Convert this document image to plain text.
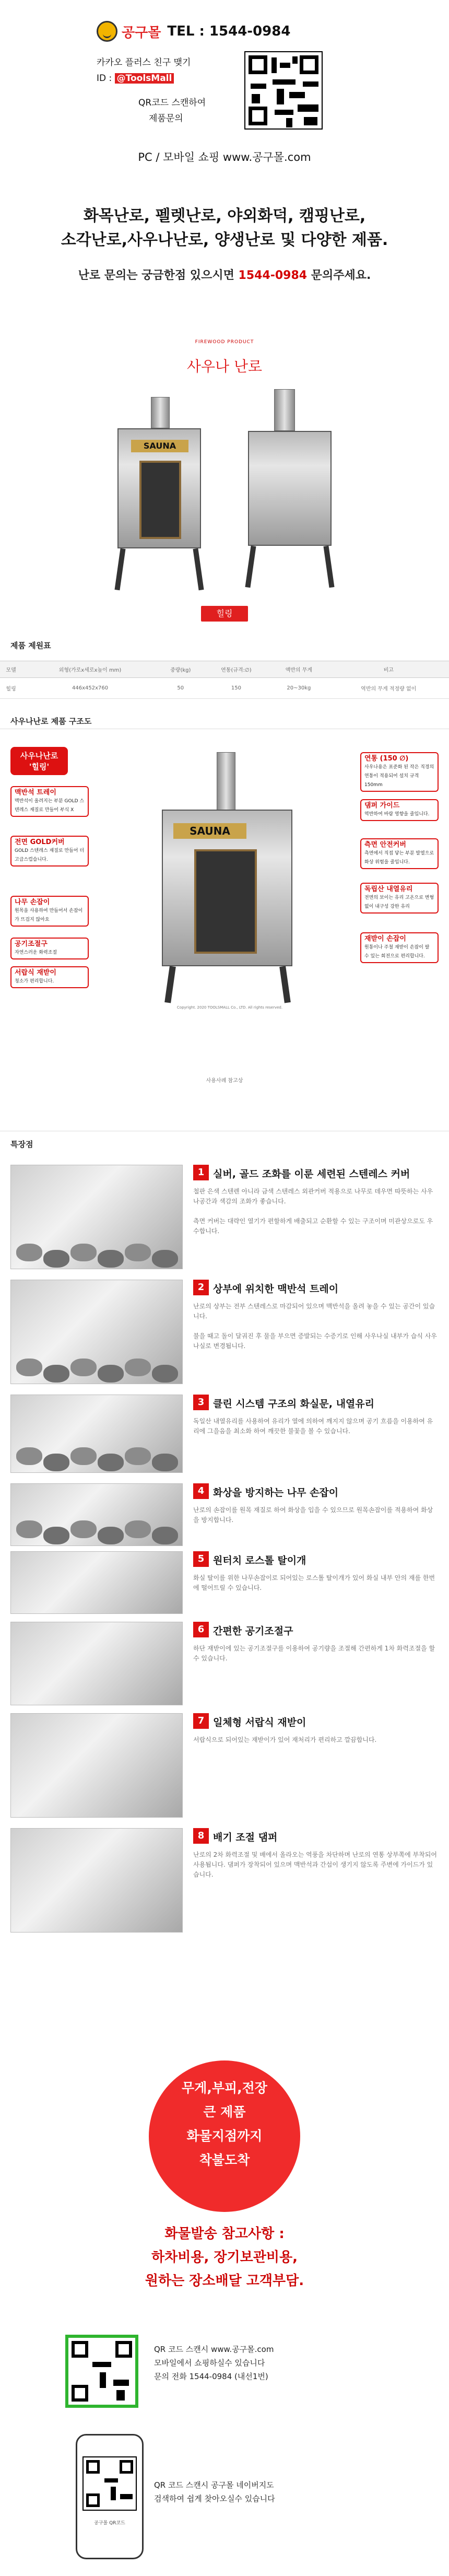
공구몰 TEL : 1544-0984
카카오 플러스 친구 맺기
ID : @ToolsMall
QR코드 스캔하여
제품문의
PC / 모바일 쇼핑 www.공구몰.com
화목난로, 펠렛난로, 야외화덕, 캠핑난로,
소각난로,사우나난로, 양생난로 및 다양한 제품.
난로 문의는 궁금한점 있으시면 1544-0984 문의주세요.
FIREWOOD PRODUCT
사우나 난로
SAUNA
힐링
제품 제원표
모델	외형(가로x세로x높이 mm)	중량(kg)	연통(규격:∅)	액반의 무게	비고
힐링	446x452x760	50	150	20~30kg	역반의 무게 적정량 없이
사우나난로 제품 구조도
SAUNA
Copyright. 2020 TOOLSMALL Co., LTD. All rights reserved.
사우나난로
'힐링'
맥반석 트레이
맥반석이 올려지는 부분 GOLD 스텐레스 재질로 만들어 부식 X
전면 GOLD커버
GOLD 스텐레스 재질로 만들어 더 고급스럽습니다.
나무 손잡이
원목을 사용하여 만들어서 손잡이가 뜨겁지 않아요
공기조절구
자연스러운 화력조절
서랍식 재받이
청소가 편리합니다.
연통 (150 ∅)
사우나용은 표준화 된 작은 직경의 연통이 적용되어 설치 규격 150mm
댐퍼 가이드
역반하여 바람 영향을 줄입니다.
측면 안전커버
측면에서 직접 닿는 부분 발열으로 화상 위험을 줄입니다.
독립산 내열유리
전면의 보이는 유리 고온으로 변형 없이 내구성 강한 유리
재받이 손잡이
원통이나 주철 재받이 손잡이 팔 수 있는 회전으로 편리합니다.
사용사례 참고상
특장점
1 실버, 골드 조화를 이룬 세련된 스텐레스 커버
철판 은색 스텐렌 아니라 금색 스텐레스 외관커버 적용으로 나무로 데우면 따뜻하는 사우나공간과 색감의 조화가 좋습니다.

측면 커버는 대략인 열기가 편할하게 배출되고 순환할 수 있는 구조이며 미관상으로도 우수합니다.
2 상부에 위치한 맥반석 트레이
난로의 상부는 전부 스텐레스로 마감되어 있으며 맥반석을 올려 놓을 수 있는 공간이 있습니다.

불을 때고 돌이 달궈진 후 물을 부으면 증발되는 수증기로 인해 사우나실 내부가 습식 사우나실로 변경됩니다.
3 클린 시스템 구조의 화실문, 내열유리
독일산 내열유리를 사용하여 유리가 열에 의하여 깨지지 않으며 공기 흐름을 이용하여 유리에 그을음을 최소화 하여 깨끗한 불꽃을 볼 수 있습니다.
4 화상을 방지하는 나무 손잡이
난로의 손잡이를 원목 재질로 하여 화상을 입을 수 있으므로 원목손잡이를 적용하여 화상을 방지합니다.
5 원터치 로스톨 탈이개
화실 탈이를 위한 나무손잡이로 되어있는 로스톨 탈이개가 있어 화실 내부 안의 재를 한번에 떨어트릴 수 있습니다.
6 간편한 공기조절구
하단 재받이에 있는 공기조절구를 이용하여 공기량을 조절해 간편하게 1차 화력조절을 할 수 있습니다.
7 일체형 서랍식 재받이
서랍식으로 되어있는 재받이가 있어 재처리가 편리하고 깔끔합니다.
8 배기 조절 댐퍼
난로의 2차 화력조절 및 배에서 올라오는 역풍을 차단하며 난로의 연통 상부쪽에 부착되어 사용됩니다. 댐퍼가 장착되어 있으며 맥반석과 간섭이 생기지 않도록 주변에 가이드가 있습니다.
무게,부피,전장
큰 제품
화물지점까지
착불도착
화물발송 참고사항 :
하차비용, 장기보관비용,
원하는 장소배달 고객부담.
QR 코드 스캔시 www.공구몰.com
모바일에서 쇼핑하실수 있습니다
문의 전화 1544-0984 (내선1번)
공구몰 QR코드
QR 코드 스캔시 공구몰 네이버지도
검색하여 쉽게 찾아오실수 있습니다
